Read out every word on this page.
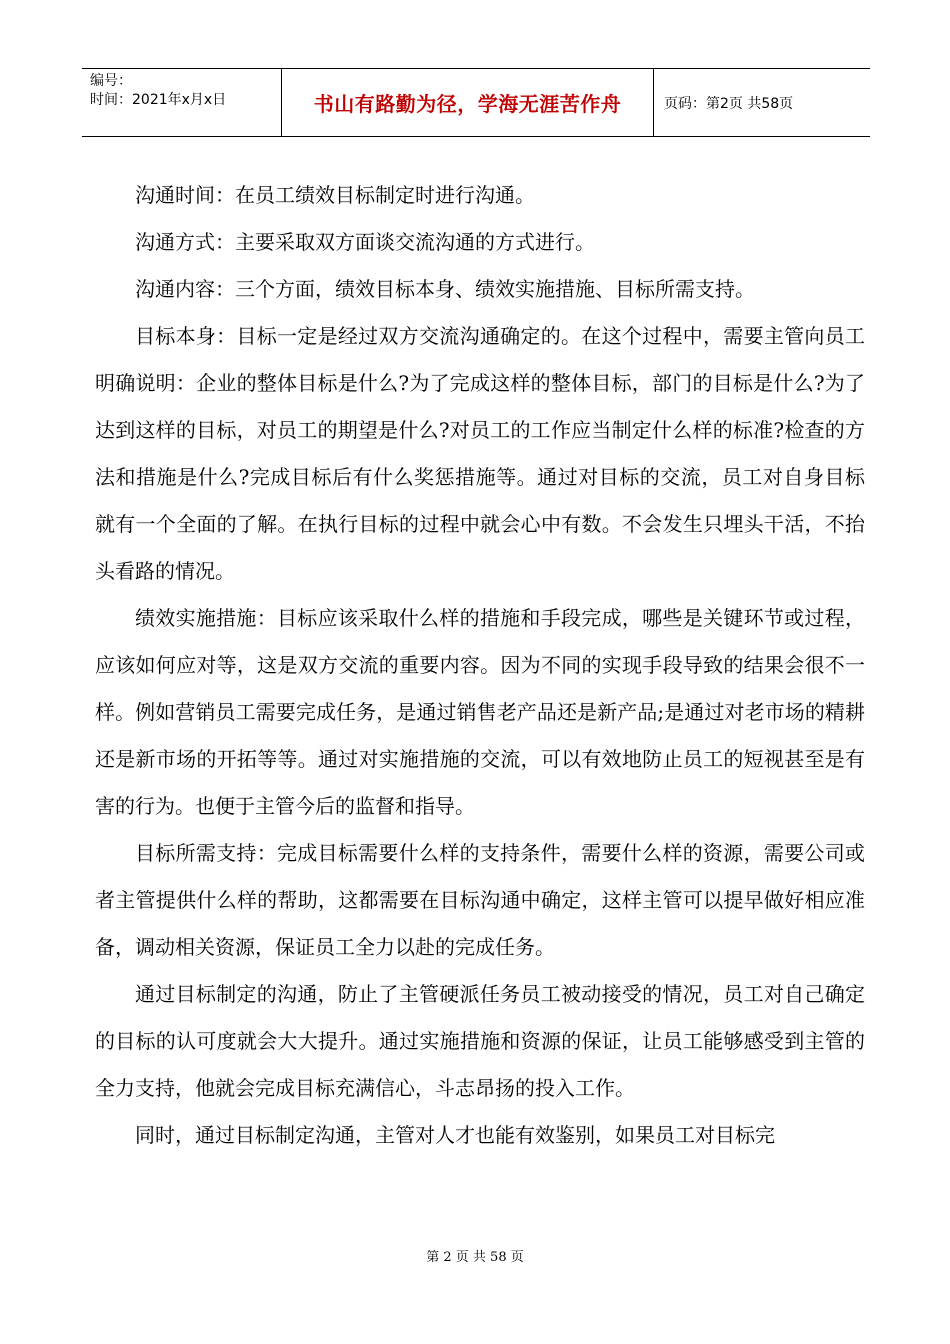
编号：
时间：2021年x月x日	书山有路勤为径，学海无涯苦作舟	页码：第2页 共58页

沟通时间：在员工绩效目标制定时进行沟通。

沟通方式：主要采取双方面谈交流沟通的方式进行。

沟通内容：三个方面，绩效目标本身、绩效实施措施、目标所需支持。

目标本身：目标一定是经过双方交流沟通确定的。在这个过程中，需要主管向员工明确说明：企业的整体目标是什么?为了完成这样的整体目标，部门的目标是什么?为了达到这样的目标，对员工的期望是什么?对员工的工作应当制定什么样的标准?检查的方法和措施是什么?完成目标后有什么奖惩措施等。通过对目标的交流，员工对自身目标就有一个全面的了解。在执行目标的过程中就会心中有数。不会发生只埋头干活，不抬头看路的情况。

绩效实施措施：目标应该采取什么样的措施和手段完成，哪些是关键环节或过程，应该如何应对等，这是双方交流的重要内容。因为不同的实现手段导致的结果会很不一样。例如营销员工需要完成任务，是通过销售老产品还是新产品;是通过对老市场的精耕还是新市场的开拓等等。通过对实施措施的交流，可以有效地防止员工的短视甚至是有害的行为。也便于主管今后的监督和指导。

目标所需支持：完成目标需要什么样的支持条件，需要什么样的资源，需要公司或者主管提供什么样的帮助，这都需要在目标沟通中确定，这样主管可以提早做好相应准备，调动相关资源，保证员工全力以赴的完成任务。

通过目标制定的沟通，防止了主管硬派任务员工被动接受的情况，员工对自己确定的目标的认可度就会大大提升。通过实施措施和资源的保证，让员工能够感受到主管的全力支持，他就会完成目标充满信心，斗志昂扬的投入工作。

同时，通过目标制定沟通，主管对人才也能有效鉴别，如果员工对目标完

第 2 页 共 58 页
